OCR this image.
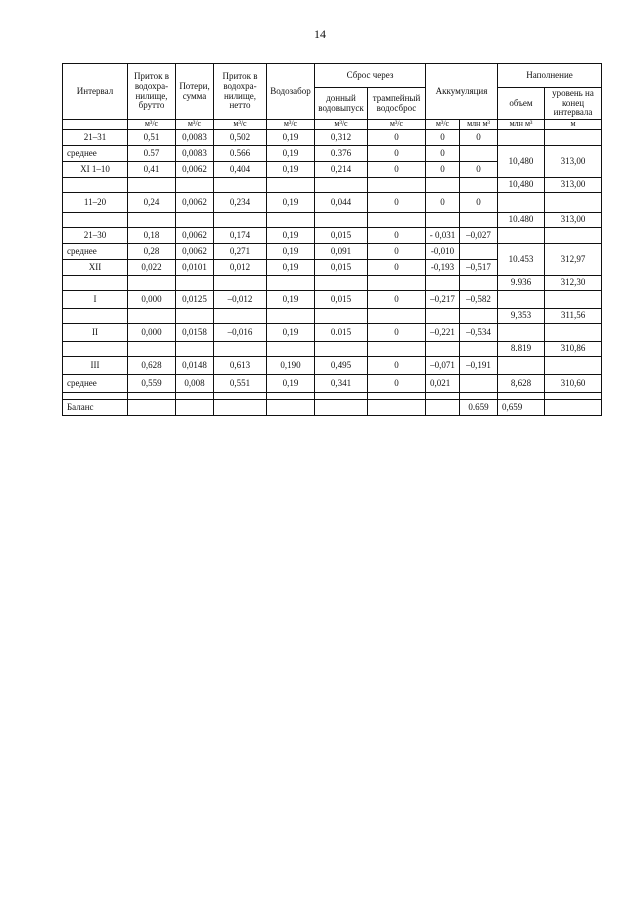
14
Интервал	Приток в водохра-нилище, брутто	Потери, сумма	Приток в водохра-нилище, нетто	Водозабор	Сброс через		Аккумуляция		Наполнение	
					донный водовыпуск	трампейный водосброс			объем	уровень на конец интервала
	м³/с	м³/с	м³/с	м³/с	м³/с	м³/с	м³/с	млн м³	млн м³	м
21–31	0,51	0,0083	0,502	0,19	0,312	0	0	0		
среднее	0.57	0,0083	0.566	0,19	0.376	0	0		10,480	313,00
XI 1–10	0,41	0,0062	0,404	0,19	0,214	0	0	0		
									10,480	313,00
11–20	0,24	0,0062	0,234	0,19	0,044	0	0	0		
									10.480	313,00
21–30	0,18	0,0062	0,174	0,19	0,015	0	- 0,031	–0,027		
среднее	0,28	0,0062	0,271	0,19	0,091	0	-0,010		10.453	312,97
XII	0,022	0,0101	0,012	0,19	0,015	0	-0,193	–0,517		
									9.936	312,30
I	0,000	0,0125	–0,012	0,19	0,015	0	–0,217	–0,582		
									9,353	311,56
II	0,000	0,0158	–0,016	0,19	0.015	0	–0,221	–0,534		
									8.819	310,86
III	0,628	0,0148	0,613	0,190	0,495	0	–0,071	–0,191		
среднее	0,559	0,008	0,551	0,19	0,341	0	0,021		8,628	310,60

Баланс								0.659	0,659	
